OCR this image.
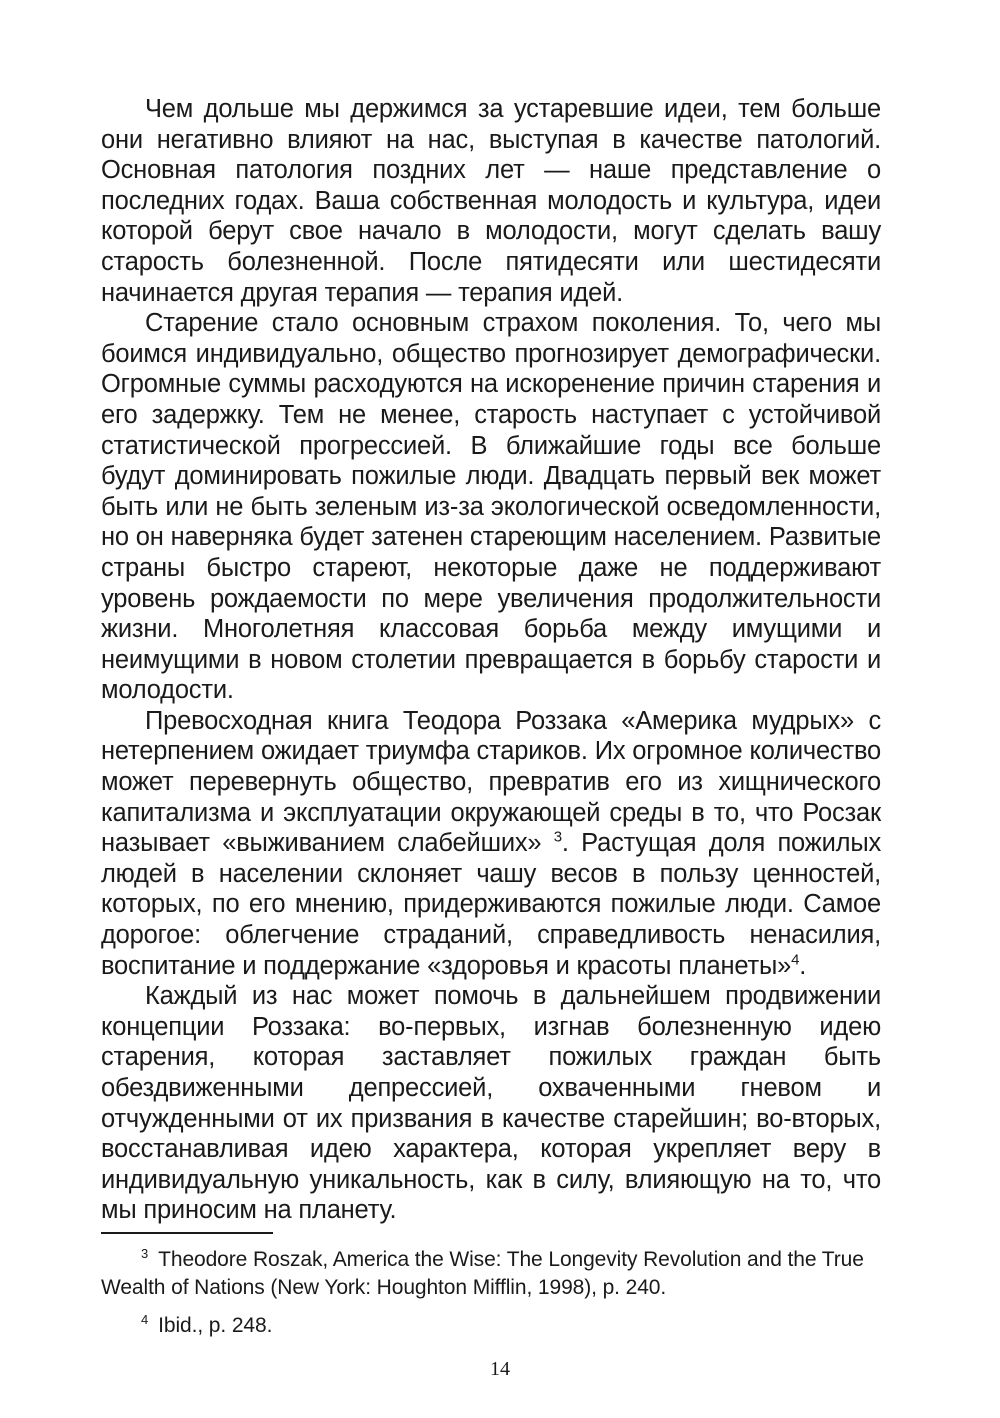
Чем дольше мы держимся за устаревшие идеи, тем больше они негативно влияют на нас, выступая в качестве патологий. Основная патология поздних лет — наше представление о последних годах. Ваша собственная молодость и культура, идеи которой берут свое начало в молодости, могут сделать вашу старость болезненной. После пятидесяти или шестидесяти начинается другая терапия — терапия идей.

Старение стало основным страхом поколения. То, чего мы боимся индивидуально, общество прогнозирует демографически. Огромные суммы расходуются на искоренение причин старения и его задержку. Тем не менее, старость наступает с устойчивой статистической прогрессией. В ближайшие годы все больше будут доминировать пожилые люди. Двадцать первый век может быть или не быть зеленым из-за экологической осведомленности, но он наверняка будет затенен стареющим населением. Развитые страны быстро стареют, некоторые даже не поддерживают уровень рождаемости по мере увеличения продолжительности жизни. Многолетняя классовая борьба между имущими и неимущими в новом столетии превращается в борьбу старости и молодости.

Превосходная книга Теодора Роззака «Америка мудрых» с нетерпением ожидает триумфа стариков. Их огромное количество может перевернуть общество, превратив его из хищнического капитализма и эксплуатации окружающей среды в то, что Росзак называет «выживанием слабейших» $^3$. Растущая доля пожилых людей в населении склоняет чашу весов в пользу ценностей, которых, по его мнению, придерживаются пожилые люди. Самое дорогое: облегчение страданий, справедливость ненасилия, воспитание и поддержание «здоровья и красоты планеты»$^4$.

Каждый из нас может помочь в дальнейшем продвижении концепции Роззака: во-первых, изгнав болезненную идею старения, которая заставляет пожилых граждан быть обездвиженными депрессией, охваченными гневом и отчужденными от их призвания в качестве старейшин; во-вторых, восстанавливая идею характера, которая укрепляет веру в индивидуальную уникальность, как в силу, влияющую на то, что мы приносим на планету.

$^3$ Theodore Roszak, America the Wise: The Longevity Revolution and the True Wealth of Nations (New York: Houghton Mifflin, 1998), p. 240.

$^4$ Ibid., p. 248.

14
